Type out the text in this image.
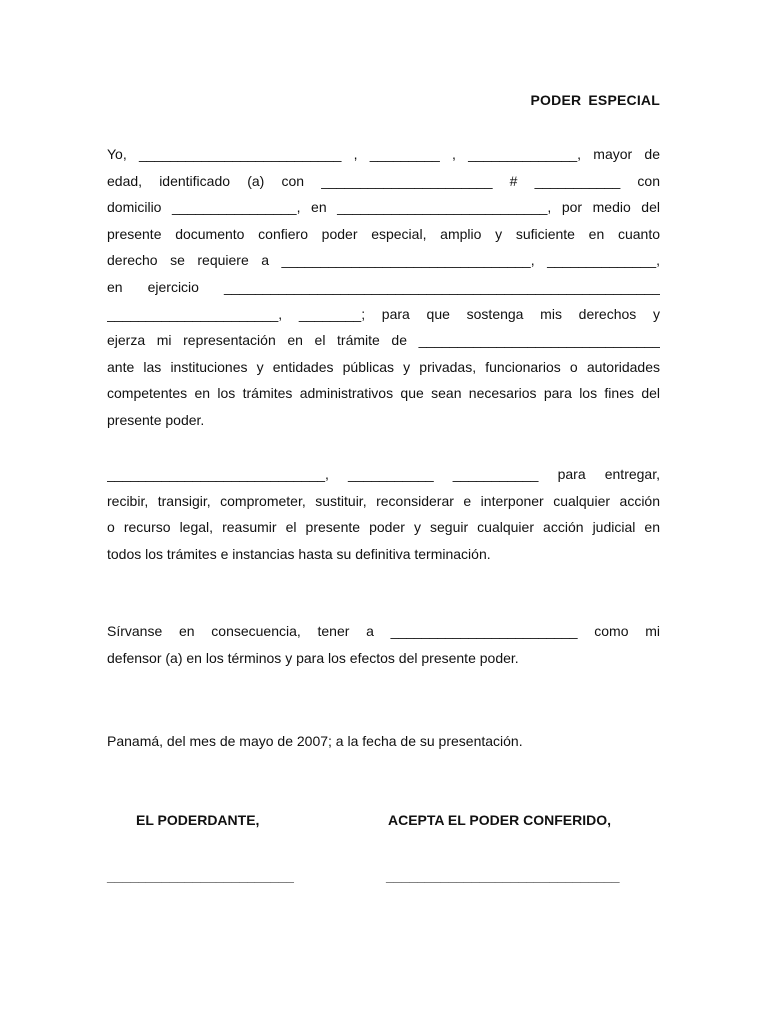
PODER ESPECIAL
Yo, __________________________ , _________ , ______________, mayor de
edad, identificado (a) con ______________________ # ___________ con
domicilio ________________, en ___________________________, por medio del
presente documento confiero poder especial, amplio y suficiente en cuanto
derecho se requiere a ________________________________, ______________,
en ejercicio ________________________________________________________
______________________, ________; para que sostenga mis derechos y
ejerza mi representación en el trámite de _______________________________
ante las instituciones y entidades públicas y privadas, funcionarios o autoridades
competentes en los trámites administrativos que sean necesarios para los fines del
presente poder.
____________________________, ___________ ___________ para entregar,
recibir, transigir, comprometer, sustituir, reconsiderar e interponer cualquier acción
o recurso legal, reasumir el presente poder y seguir cualquier acción judicial en
todos los trámites e instancias hasta su definitiva terminación.
Sírvanse en consecuencia, tener a ________________________ como mi
defensor (a) en los términos y para los efectos del presente poder.
Panamá, del mes de mayo de 2007; a la fecha de su presentación.
EL PODERDANTE,	ACEPTA EL PODER CONFERIDO,
________________________	______________________________
